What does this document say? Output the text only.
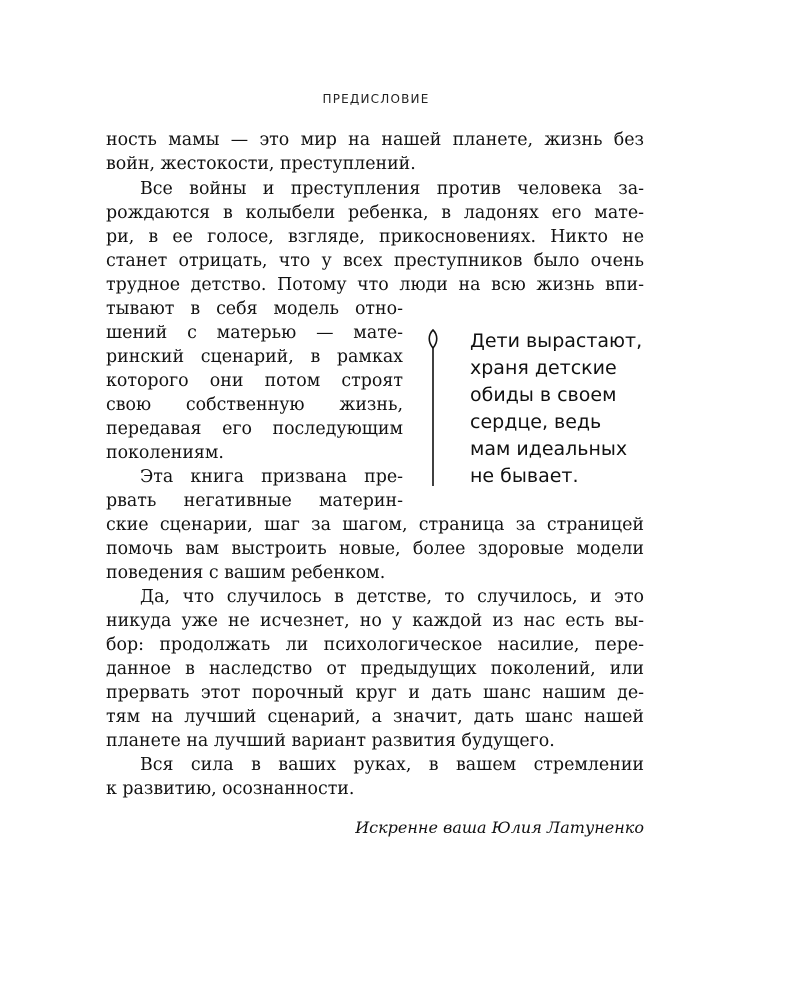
ПРЕДИСЛОВИЕ
ность мамы — это мир на нашей планете, жизнь без
войн, жестокости, преступлений.
Все войны и преступления против человека за-
рождаются в колыбели ребенка, в ладонях его мате-
ри, в ее голосе, взгляде, прикосновениях. Никто не
станет отрицать, что у всех преступников было очень
трудное детство. Потому что люди на всю жизнь впи-
тывают в себя модель отно-
шений с матерью — мате-
ринский сценарий, в рамках
которого они потом строят
свою собственную жизнь,
передавая его последующим
поколениям.
Эта книга призвана пре-
рвать негативные материн-
ские сценарии, шаг за шагом, страница за страницей
помочь вам выстроить новые, более здоровые модели
поведения с вашим ребенком.
Да, что случилось в детстве, то случилось, и это
никуда уже не исчезнет, но у каждой из нас есть вы-
бор: продолжать ли психологическое насилие, пере-
данное в наследство от предыдущих поколений, или
прервать этот порочный круг и дать шанс нашим де-
тям на лучший сценарий, а значит, дать шанс нашей
планете на лучший вариант развития будущего.
Вся сила в ваших руках, в вашем стремлении
к развитию, осознанности.
Дети вырастают,
храня детские
обиды в своем
сердце, ведь
мам идеальных
не бывает.
Искренне ваша Юлия Латуненко
